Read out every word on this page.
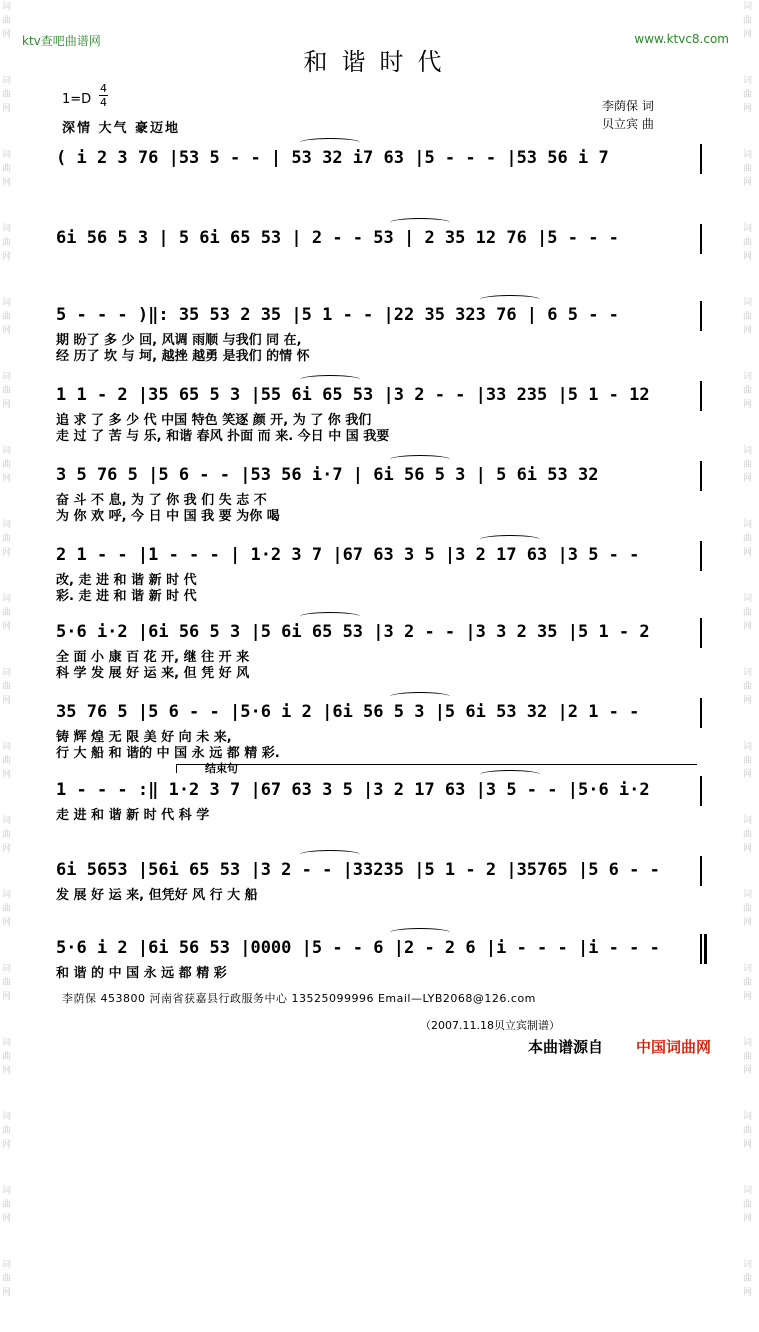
词
曲
网
词
曲
网
词
曲
网
词
曲
网
词
曲
网
词
曲
网
词
曲
网
词
曲
网
词
曲
网
词
曲
网
词
曲
网
词
曲
网
词
曲
网
词
曲
网
词
曲
网
词
曲
网
词
曲
网
词
曲
网
词
曲
网
词
曲
网
词
曲
网
词
曲
网
词
曲
网
词
曲
网
词
曲
网
词
曲
网
词
曲
网
词
曲
网
词
曲
网
词
曲
网
词
曲
网
词
曲
网
词
曲
网
词
曲
网
词
曲
网
词
曲
网
ktv查吧曲谱网	www.ktvc8.com
和谐时代
1=D
4
4
深情 大气 豪迈地
李荫保 词
贝立宾 曲
( i 2 3 76 |53 5 - - | 53 32 i7 63 |5 - - - |53 56 i 7
6i 56 5 3 | 5 6i 65 53 | 2 - - 53 | 2 35 12 76 |5 - - -
5 - - - )‖: 35 53 2 35 |5 1 - - |22 35 323 76 | 6 5 - -
期 盼了 多 少 回, 风调 雨顺 与我们 同 在,
经 历了 坎 与 坷, 越挫 越勇 是我们 的情 怀
1 1 - 2 |35 65 5 3 |55 6i 65 53 |3 2 - - |33 235 |5 1 - 12
追 求 了 多 少 代 中国 特色 笑逐 颜 开, 为 了 你 我们
走 过 了 苦 与 乐, 和谐 春风 扑面 而 来. 今日 中 国 我要
3 5 76 5 |5 6 - - |53 56 i·7 | 6i 56 5 3 | 5 6i 53 32
奋 斗 不 息, 为 了 你 我 们 失 志 不
为 你 欢 呼, 今 日 中 国 我 要 为你 喝
2 1 - - |1 - - - | 1·2 3 7 |67 63 3 5 |3 2 17 63 |3 5 - -
改, 走 进 和 谐 新 时 代
彩. 走 进 和 谐 新 时 代
5·6 i·2 |6i 56 5 3 |5 6i 65 53 |3 2 - - |3 3 2 35 |5 1 - 2
全 面 小 康 百 花 开, 继 往 开 来
科 学 发 展 好 运 来, 但 凭 好 风
35 76 5 |5 6 - - |5·6 i 2 |6i 56 5 3 |5 6i 53 32 |2 1 - -
铸 辉 煌 无 限 美 好 向 未 来,
行 大 船 和 谐的 中 国 永 远 都 精 彩.
1 - - - :‖ 1·2 3 7 |67 63 3 5 |3 2 17 63 |3 5 - - |5·6 i·2
走 进 和 谐 新 时 代 科 学
6i 5653 |56i 65 53 |3 2 - - |33235 |5 1 - 2 |35765 |5 6 - -
发 展 好 运 来, 但凭好 风 行 大 船
5·6 i 2 |6i 56 53 |0000 |5 - - 6 |2 - 2 6 |i - - - |i - - -
和 谐 的 中 国 永 远 都 精 彩
结束句
李荫保 453800 河南省获嘉县行政服务中心 13525099996 Email—LYB2068@126.com
（2007.11.18贝立宾制谱）
本曲谱源自 中国词曲网
